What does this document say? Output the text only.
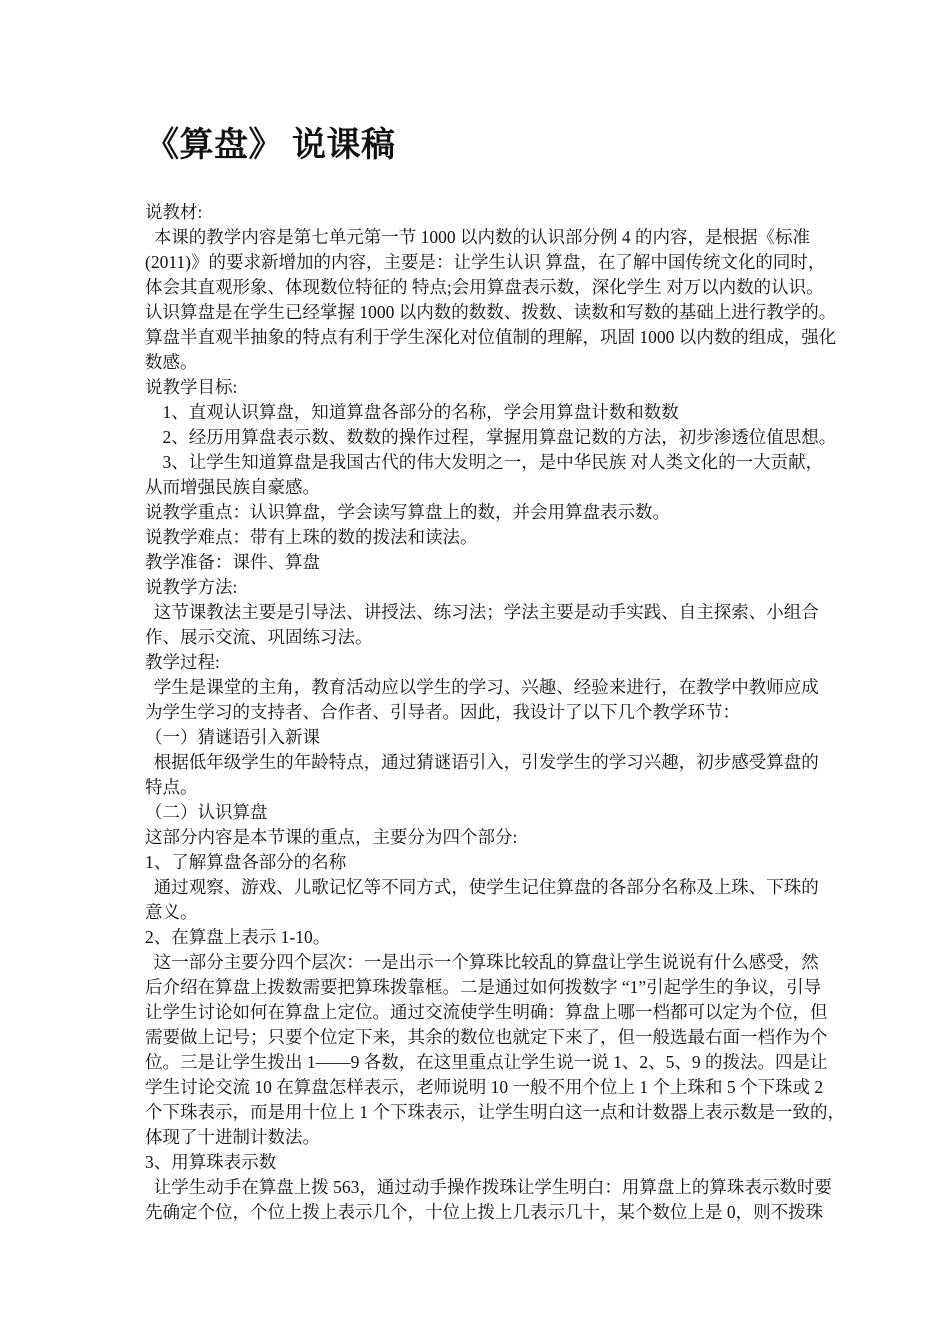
《算盘》 说课稿
说教材:
本课的教学内容是第七单元第一节 1000 以内数的认识部分例 4 的内容，是根据《标准
(2011)》的要求新增加的内容，主要是：让学生认识 算盘，在了解中国传统文化的同时，
体会其直观形象、体现数位特征的 特点;会用算盘表示数，深化学生 对万以内数的认识。
认识算盘是在学生已经掌握 1000 以内数的数数、拨数、读数和写数的基础上进行教学的。
算盘半直观半抽象的特点有利于学生深化对位值制的理解，巩固 1000 以内数的组成，强化
数感。
说教学目标:
　1、直观认识算盘，知道算盘各部分的名称，学会用算盘计数和数数
　2、经历用算盘表示数、数数的操作过程，掌握用算盘记数的方法，初步渗透位值思想。
　3、让学生知道算盘是我国古代的伟大发明之一，是中华民族 对人类文化的一大贡献，
从而增强民族自豪感。
说教学重点：认识算盘，学会读写算盘上的数，并会用算盘表示数。
说教学难点：带有上珠的数的拨法和读法。
教学准备：课件、算盘
说教学方法:
这节课教法主要是引导法、讲授法、练习法；学法主要是动手实践、自主探索、小组合
作、展示交流、巩固练习法。
教学过程:
学生是课堂的主角，教育活动应以学生的学习、兴趣、经验来进行，在教学中教师应成
为学生学习的支持者、合作者、引导者。因此，我设计了以下几个教学环节：
（一）猜谜语引入新课
根据低年级学生的年龄特点，通过猜谜语引入，引发学生的学习兴趣，初步感受算盘的
特点。
（二）认识算盘
这部分内容是本节课的重点，主要分为四个部分:
1、了解算盘各部分的名称
通过观察、游戏、儿歌记忆等不同方式，使学生记住算盘的各部分名称及上珠、下珠的
意义。
2、在算盘上表示 1-10。
这一部分主要分四个层次：一是出示一个算珠比较乱的算盘让学生说说有什么感受，然
后介绍在算盘上拨数需要把算珠拨靠框。二是通过如何拨数字 “1”引起学生的争议，引导
让学生讨论如何在算盘上定位。通过交流使学生明确：算盘上哪一档都可以定为个位，但
需要做上记号；只要个位定下来，其余的数位也就定下来了，但一般选最右面一档作为个
位。三是让学生拨出 1——9 各数，在这里重点让学生说一说 1、2、5、9 的拨法。四是让
学生讨论交流 10 在算盘怎样表示，老师说明 10 一般不用个位上 1 个上珠和 5 个下珠或 2
个下珠表示，而是用十位上 1 个下珠表示，让学生明白这一点和计数器上表示数是一致的，
体现了十进制计数法。
3、用算珠表示数
让学生动手在算盘上拨 563，通过动手操作拨珠让学生明白：用算盘上的算珠表示数时要
先确定个位，个位上拨上表示几个，十位上拨上几表示几十，某个数位上是 0，则不拨珠
